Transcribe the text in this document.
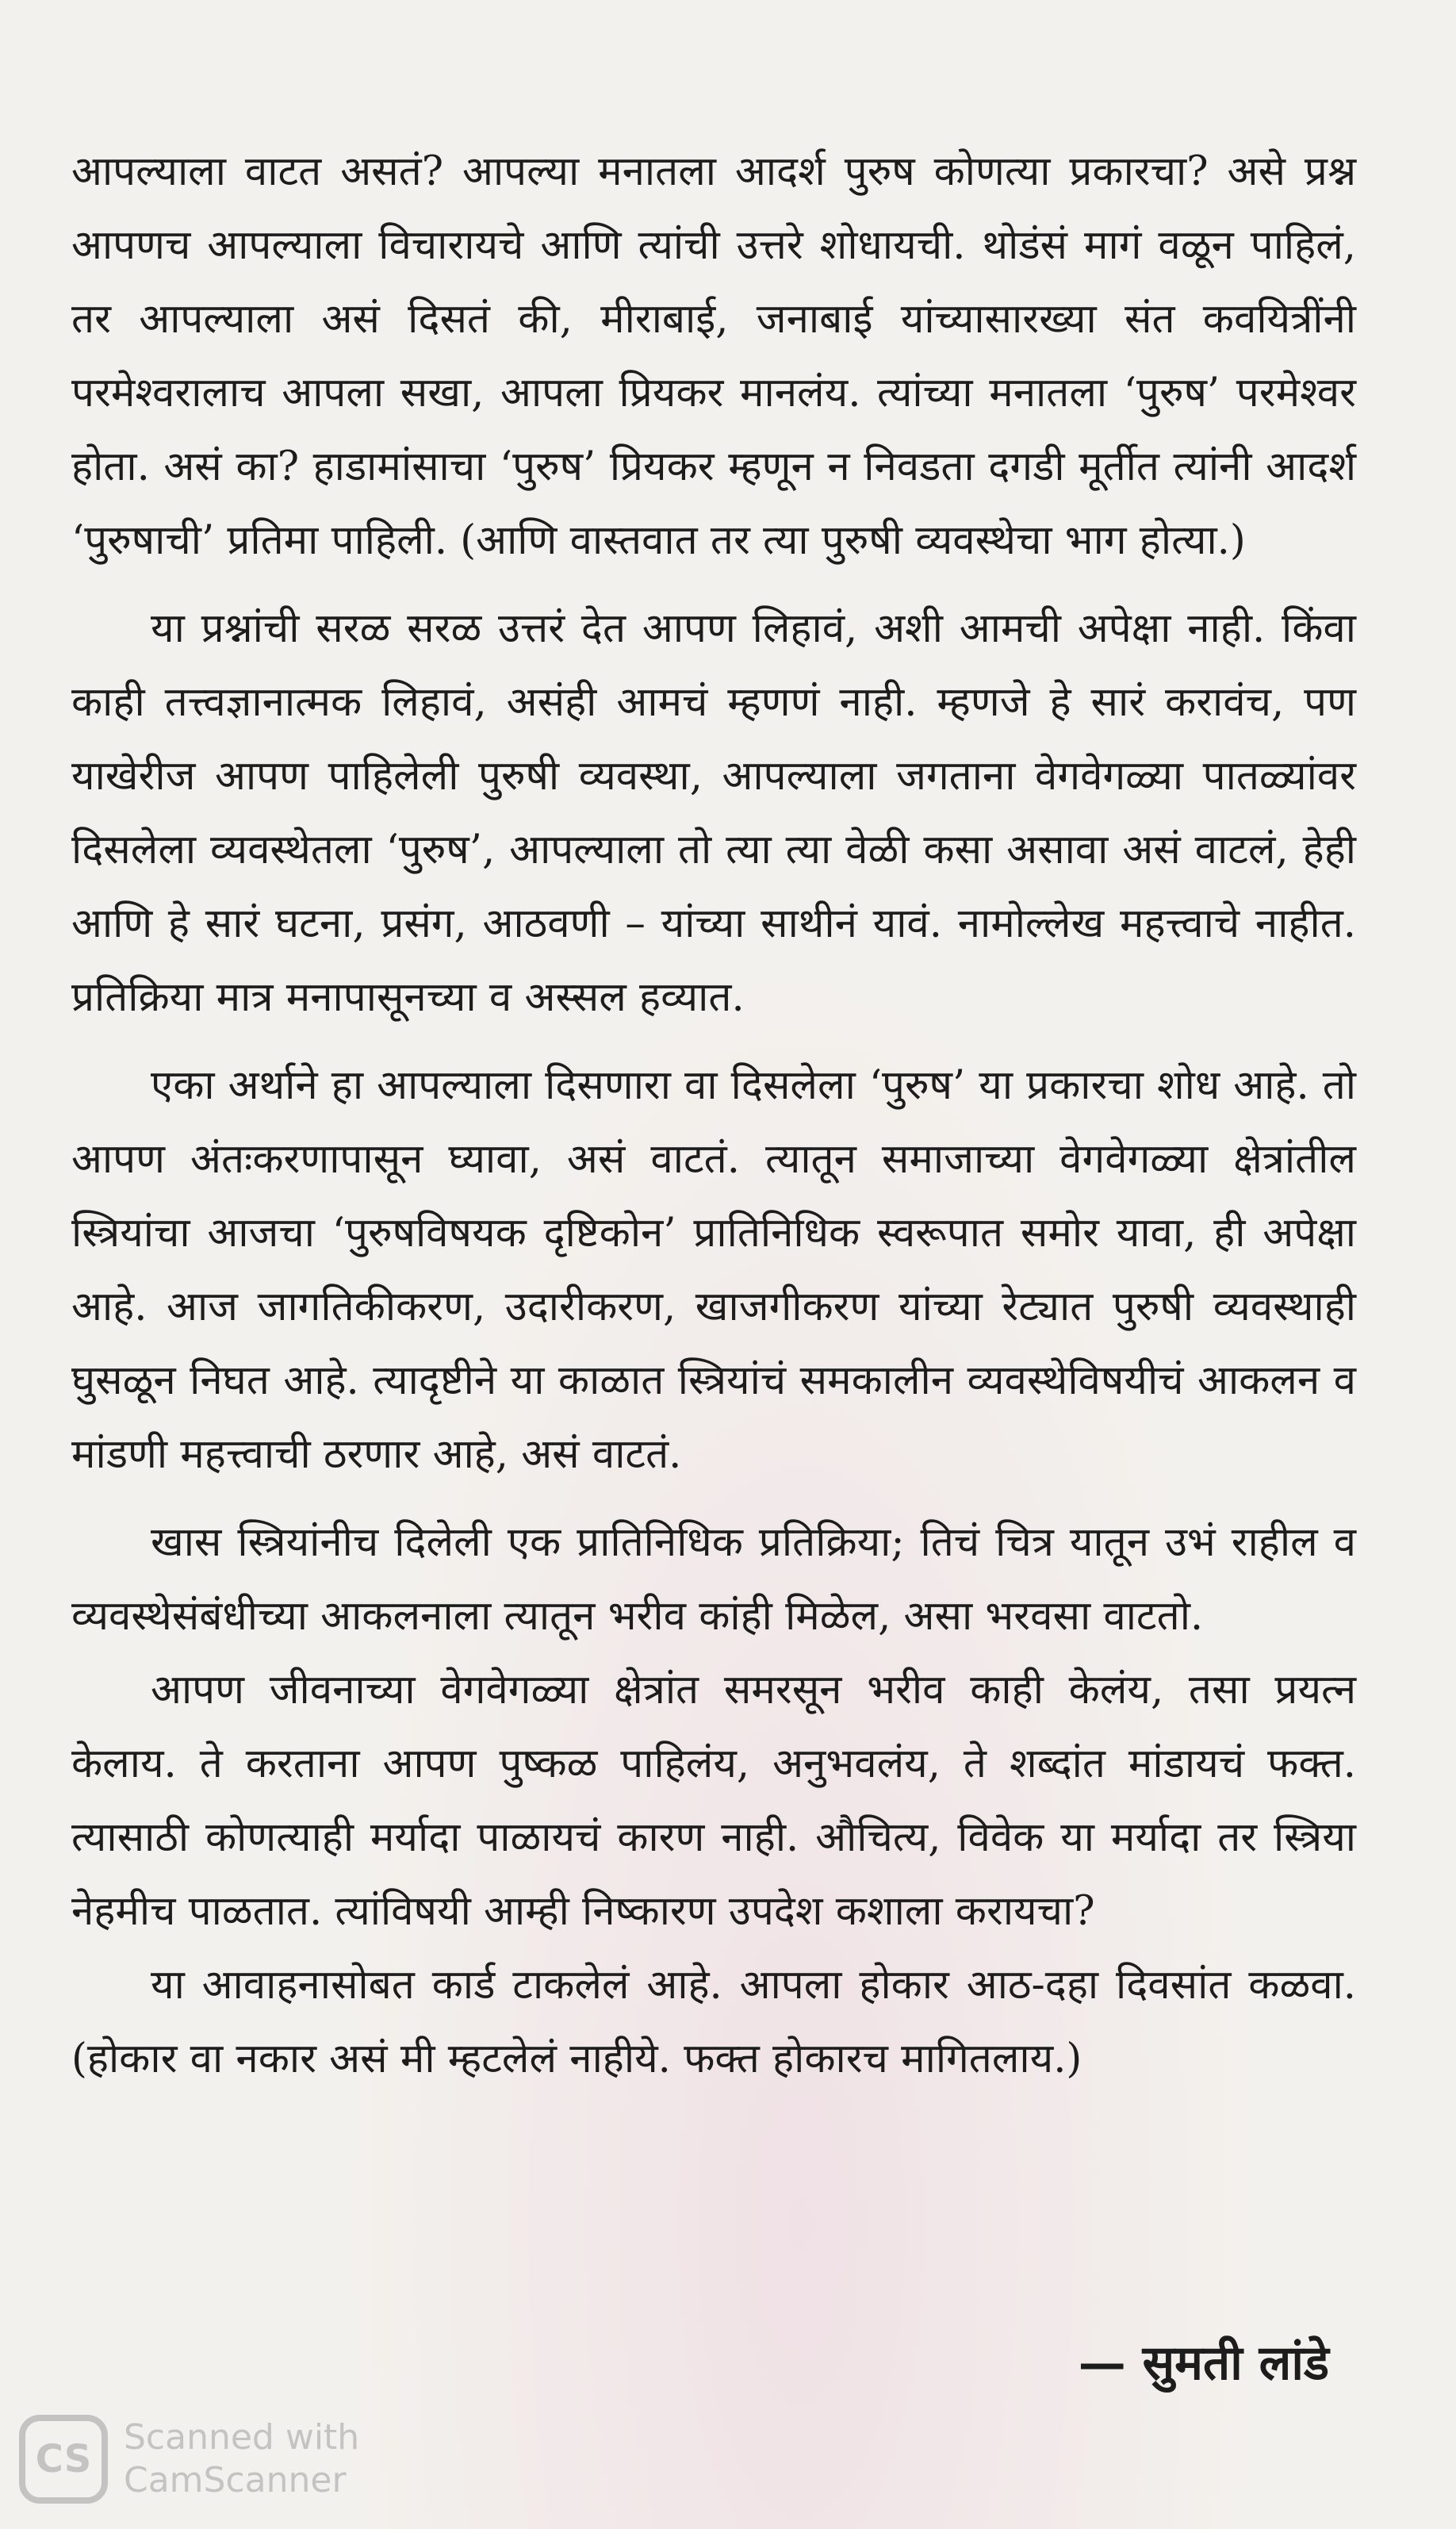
आपल्याला वाटत असतं? आपल्या मनातला आदर्श पुरुष कोणत्या प्रकारचा? असे प्रश्न आपणच आपल्याला विचारायचे आणि त्यांची उत्तरे शोधायची. थोडंसं मागं वळून पाहिलं, तर आपल्याला असं दिसतं की, मीराबाई, जनाबाई यांच्यासारख्या संत कवयित्रींनी परमेश्वरालाच आपला सखा, आपला प्रियकर मानलंय. त्यांच्या मनातला ‘पुरुष’ परमेश्वर होता. असं का? हाडामांसाचा ‘पुरुष’ प्रियकर म्हणून न निवडता दगडी मूर्तीत त्यांनी आदर्श ‘पुरुषाची’ प्रतिमा पाहिली. (आणि वास्तवात तर त्या पुरुषी व्यवस्थेचा भाग होत्या.)

या प्रश्नांची सरळ सरळ उत्तरं देत आपण लिहावं, अशी आमची अपेक्षा नाही. किंवा काही तत्त्वज्ञानात्मक लिहावं, असंही आमचं म्हणणं नाही. म्हणजे हे सारं करावंच, पण याखेरीज आपण पाहिलेली पुरुषी व्यवस्था, आपल्याला जगताना वेगवेगळ्या पातळ्यांवर दिसलेला व्यवस्थेतला ‘पुरुष’, आपल्याला तो त्या त्या वेळी कसा असावा असं वाटलं, हेही आणि हे सारं घटना, प्रसंग, आठवणी – यांच्या साथीनं यावं. नामोल्लेख महत्त्वाचे नाहीत. प्रतिक्रिया मात्र मनापासूनच्या व अस्सल हव्यात.

एका अर्थाने हा आपल्याला दिसणारा वा दिसलेला ‘पुरुष’ या प्रकारचा शोध आहे. तो आपण अंतःकरणापासून घ्यावा, असं वाटतं. त्यातून समाजाच्या वेगवेगळ्या क्षेत्रांतील स्त्रियांचा आजचा ‘पुरुषविषयक दृष्टिकोन’ प्रातिनिधिक स्वरूपात समोर यावा, ही अपेक्षा आहे. आज जागतिकीकरण, उदारीकरण, खाजगीकरण यांच्या रेट्यात पुरुषी व्यवस्थाही घुसळून निघत आहे. त्यादृष्टीने या काळात स्त्रियांचं समकालीन व्यवस्थेविषयीचं आकलन व मांडणी महत्त्वाची ठरणार आहे, असं वाटतं.

खास स्त्रियांनीच दिलेली एक प्रातिनिधिक प्रतिक्रिया; तिचं चित्र यातून उभं राहील व व्यवस्थेसंबंधीच्या आकलनाला त्यातून भरीव कांही मिळेल, असा भरवसा वाटतो.

आपण जीवनाच्या वेगवेगळ्या क्षेत्रांत समरसून भरीव काही केलंय, तसा प्रयत्न केलाय. ते करताना आपण पुष्कळ पाहिलंय, अनुभवलंय, ते शब्दांत मांडायचं फक्त. त्यासाठी कोणत्याही मर्यादा पाळायचं कारण नाही. औचित्य, विवेक या मर्यादा तर स्त्रिया नेहमीच पाळतात. त्यांविषयी आम्ही निष्कारण उपदेश कशाला करायचा?

या आवाहनासोबत कार्ड टाकलेलं आहे. आपला होकार आठ-दहा दिवसांत कळवा. (होकार वा नकार असं मी म्हटलेलं नाहीये. फक्त होकारच मागितलाय.)

— सुमती लांडे
CS Scanned with
CamScanner
